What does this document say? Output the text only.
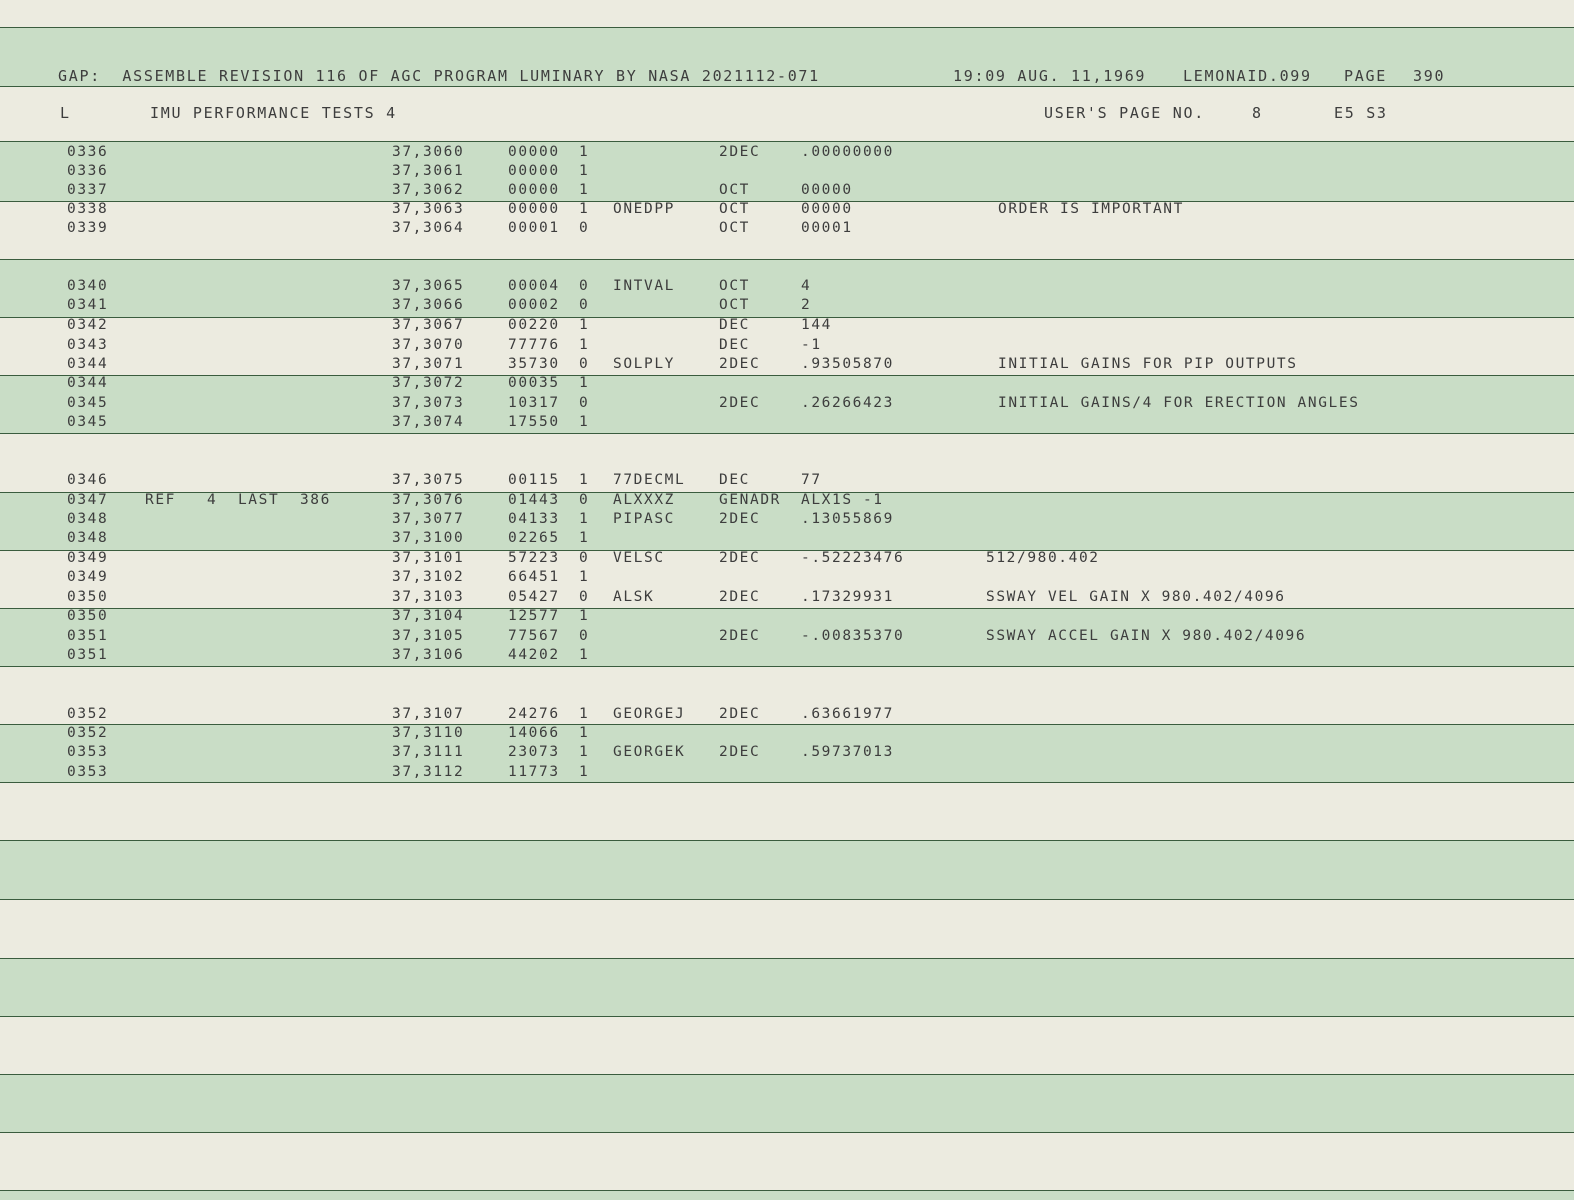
GAP:  ASSEMBLE REVISION 116 OF AGC PROGRAM LUMINARY BY NASA 2021112-071

	19:09 AUG. 11,1969

LEMONAID.099

PAGE

390

L

	IMU PERFORMANCE TESTS 4

	USER'S PAGE NO.

	8

	E5 S3

0336	37,3060	00000 1	2DEC	.00000000
0336	37,3061	00000 1
0337	37,3062	00000 1	OCT	00000
0338	37,3063	00000 1 ONEDPP	OCT	00000	ORDER IS IMPORTANT
0339	37,3064	00001 0	OCT	00001
0340	37,3065	00004 0 INTVAL	OCT	4
0341	37,3066	00002 0	OCT	2
0342	37,3067	00220 1	DEC	144
0343	37,3070	77776 1	DEC	-1
0344	37,3071	35730 0 SOLPLY	2DEC	.93505870	INITIAL GAINS FOR PIP OUTPUTS
0344	37,3072	00035 1
0345	37,3073	10317 0	2DEC	.26266423	INITIAL GAINS/4 FOR ERECTION ANGLES
0345	37,3074	17550 1
0346	37,3075	00115 1 77DECML DEC	77
0347	REF   4  LAST  386	37,3076	01443 0 ALXXXZ	GENADR ALX1S -1
0348	37,3077	04133 1 PIPASC	2DEC	.13055869
0348	37,3100	02265 1
0349	37,3101	57223 0 VELSC	2DEC	-.52223476	512/980.402
0349	37,3102	66451 1
0350	37,3103	05427 0 ALSK	2DEC	.17329931	SSWAY VEL GAIN X 980.402/4096
0350	37,3104	12577 1
0351	37,3105	77567 0	2DEC	-.00835370	SSWAY ACCEL GAIN X 980.402/4096
0351	37,3106	44202 1
0352	37,3107	24276 1 GEORGEJ 2DEC	.63661977
0352	37,3110	14066 1
0353	37,3111	23073 1 GEORGEK 2DEC	.59737013
0353	37,3112	11773 1
